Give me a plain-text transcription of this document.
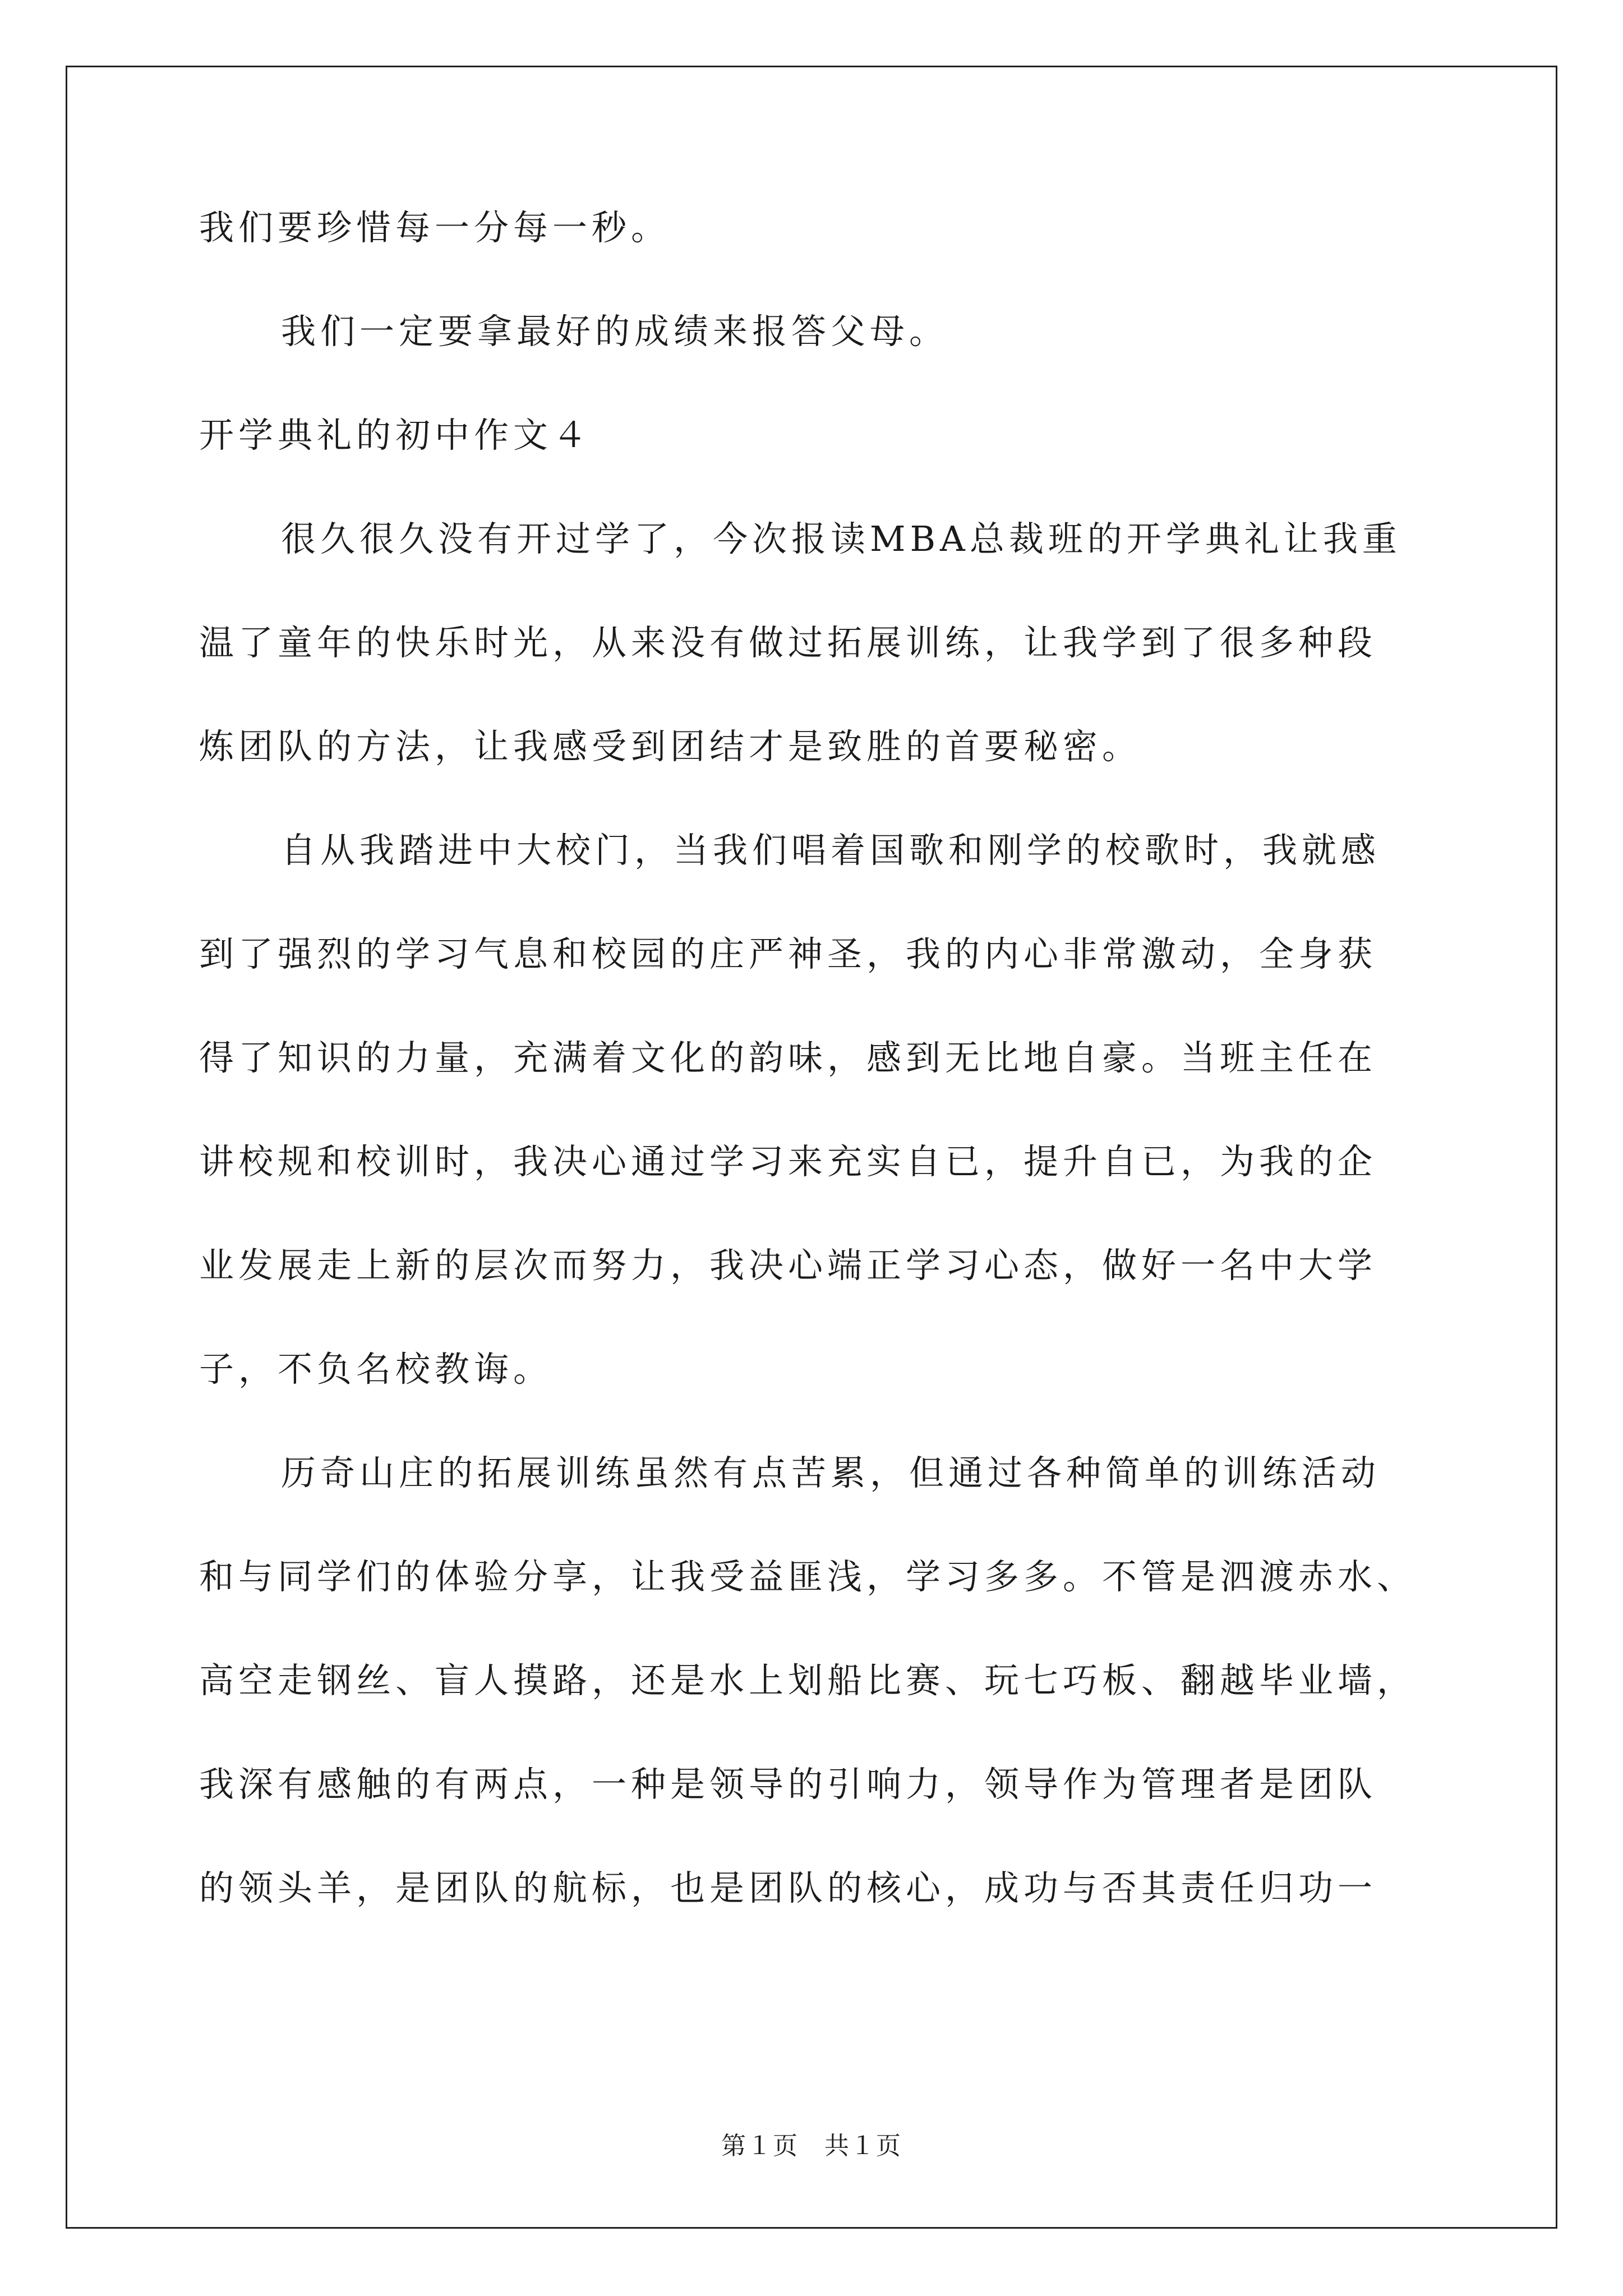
我们要珍惜每一分每一秒。
我们一定要拿最好的成绩来报答父母。
开学典礼的初中作文４
很久很久没有开过学了，今次报读MBA总裁班的开学典礼让我重
温了童年的快乐时光，从来没有做过拓展训练，让我学到了很多种段
炼团队的方法，让我感受到团结才是致胜的首要秘密。
自从我踏进中大校门，当我们唱着国歌和刚学的校歌时，我就感
到了强烈的学习气息和校园的庄严神圣，我的内心非常激动，全身获
得了知识的力量，充满着文化的韵味，感到无比地自豪。当班主任在
讲校规和校训时，我决心通过学习来充实自已，提升自已，为我的企
业发展走上新的层次而努力，我决心端正学习心态，做好一名中大学
子，不负名校教诲。
历奇山庄的拓展训练虽然有点苦累，但通过各种简单的训练活动
和与同学们的体验分享，让我受益匪浅，学习多多。不管是泗渡赤水、
高空走钢丝、盲人摸路，还是水上划船比赛、玩七巧板、翻越毕业墙，
我深有感触的有两点，一种是领导的引响力，领导作为管理者是团队
的领头羊，是团队的航标，也是团队的核心，成功与否其责任归功一
第１页　共１页
